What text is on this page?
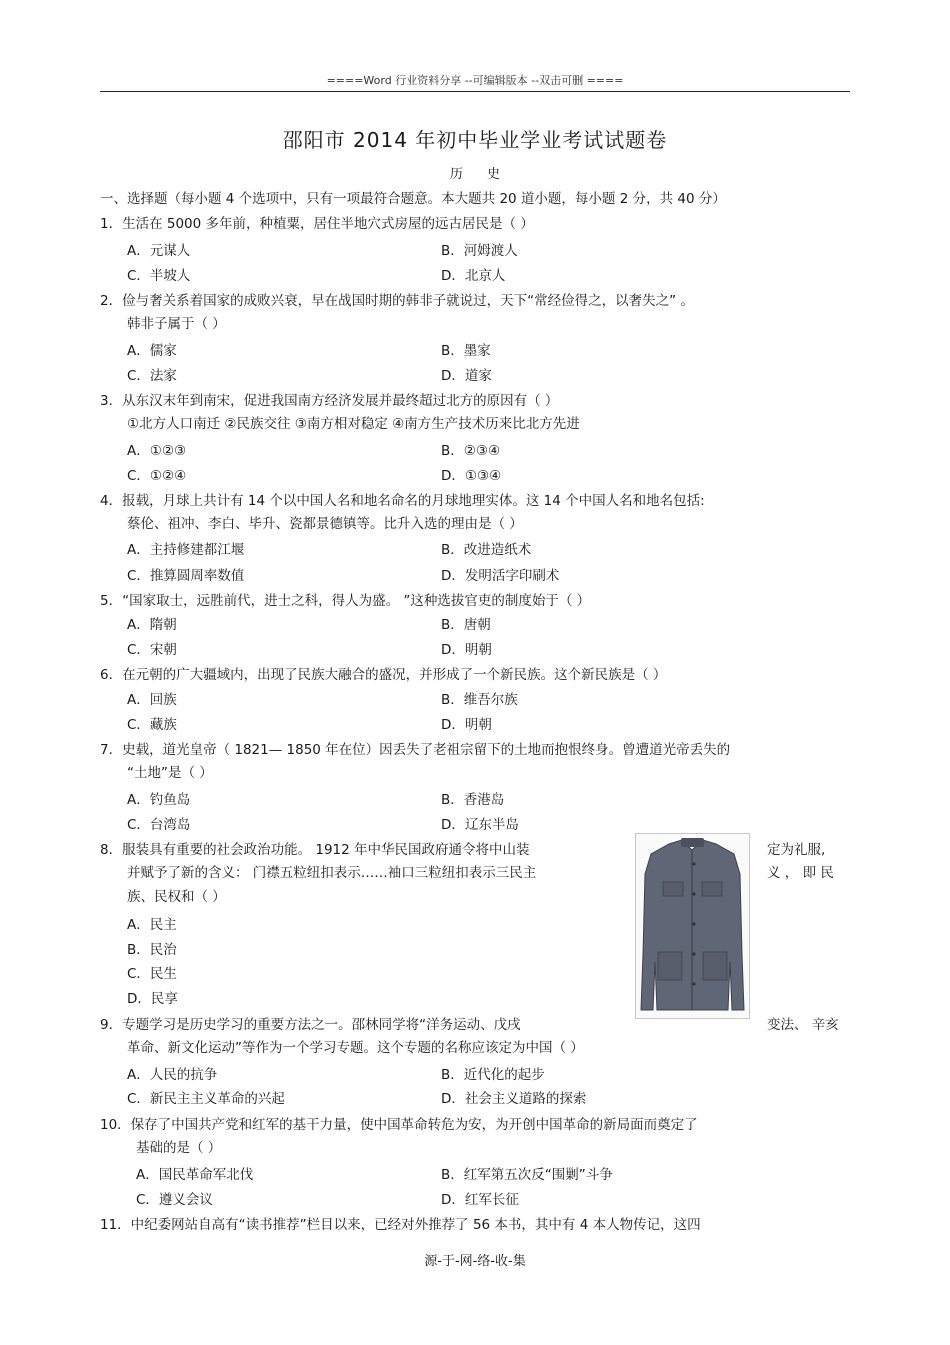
====Word 行业资料分享 --可编辑版本 --双击可删 ====
邵阳市 2014 年初中毕业学业考试试题卷
历 史
一、选择题（每小题 4 个选项中，只有一项最符合题意。本大题共 20 道小题，每小题 2 分，共 40 分）
1．生活在 5000 多年前，种植粟，居住半地穴式房屋的远古居民是（ ）
A．元谋人	B．河姆渡人
C．半坡人	D．北京人
2．俭与奢关系着国家的成败兴衰，早在战国时期的韩非子就说过，天下“常经俭得之，以奢失之” 。
韩非子属于（ ）
A．儒家	B．墨家
C．法家	D．道家
3．从东汉末年到南宋，促进我国南方经济发展并最终超过北方的原因有（ ）
①北方人口南迁 ②民族交往 ③南方相对稳定 ④南方生产技术历来比北方先进
A．①②③	B．②③④
C．①②④	D．①③④
4．报载，月球上共计有 14 个以中国人名和地名命名的月球地理实体。这 14 个中国人名和地名包括:
蔡伦、祖冲、李白、毕升、瓷都景德镇等。比升入选的理由是（ ）
A．主持修建都江堰	B．改进造纸术
C．推算圆周率数值	D．发明活字印刷术
5．“国家取士，远胜前代，进士之科，得人为盛。 ”这种选拔官吏的制度始于（ ）
A．隋朝	B．唐朝
C．宋朝	D．明朝
6．在元朝的广大疆域内，出现了民族大融合的盛况，并形成了一个新民族。这个新民族是（ ）
A．回族	B．维吾尔族
C．藏族	D．明朝
7．史载，道光皇帝（ 1821— 1850 年在位）因丢失了老祖宗留下的土地而抱恨终身。曾遭道光帝丢失的
“土地”是（ ）
A．钓鱼岛	B．香港岛
C．台湾岛	D．辽东半岛
8．服装具有重要的社会政治功能。 1912 年中华民国政府通令将中山装	定为礼服,
并赋予了新的含义： 门襟五粒纽扣表示……袖口三粒纽扣表示三民主	义 ， 即 民
族、民权和（ ）
A．民主
B．民治
C．民生
D．民享
9．专题学习是历史学习的重要方法之一。邵林同学将“洋务运动、戊戌	变法、 辛亥
革命、新文化运动”等作为一个学习专题。这个专题的名称应该定为中国（ ）
A．人民的抗争	B．近代化的起步
C．新民主主义革命的兴起	D．社会主义道路的探索
10．保存了中国共产党和红军的基干力量，使中国革命转危为安，为开创中国革命的新局面而奠定了
基础的是（ ）
A．国民革命军北伐	B．红军第五次反“围剿”斗争
C．遵义会议	D．红军长征
11．中纪委网站自高有“读书推荐”栏目以来，已经对外推荐了 56 本书，其中有 4 本人物传记，这四
源-于-网-络-收-集
